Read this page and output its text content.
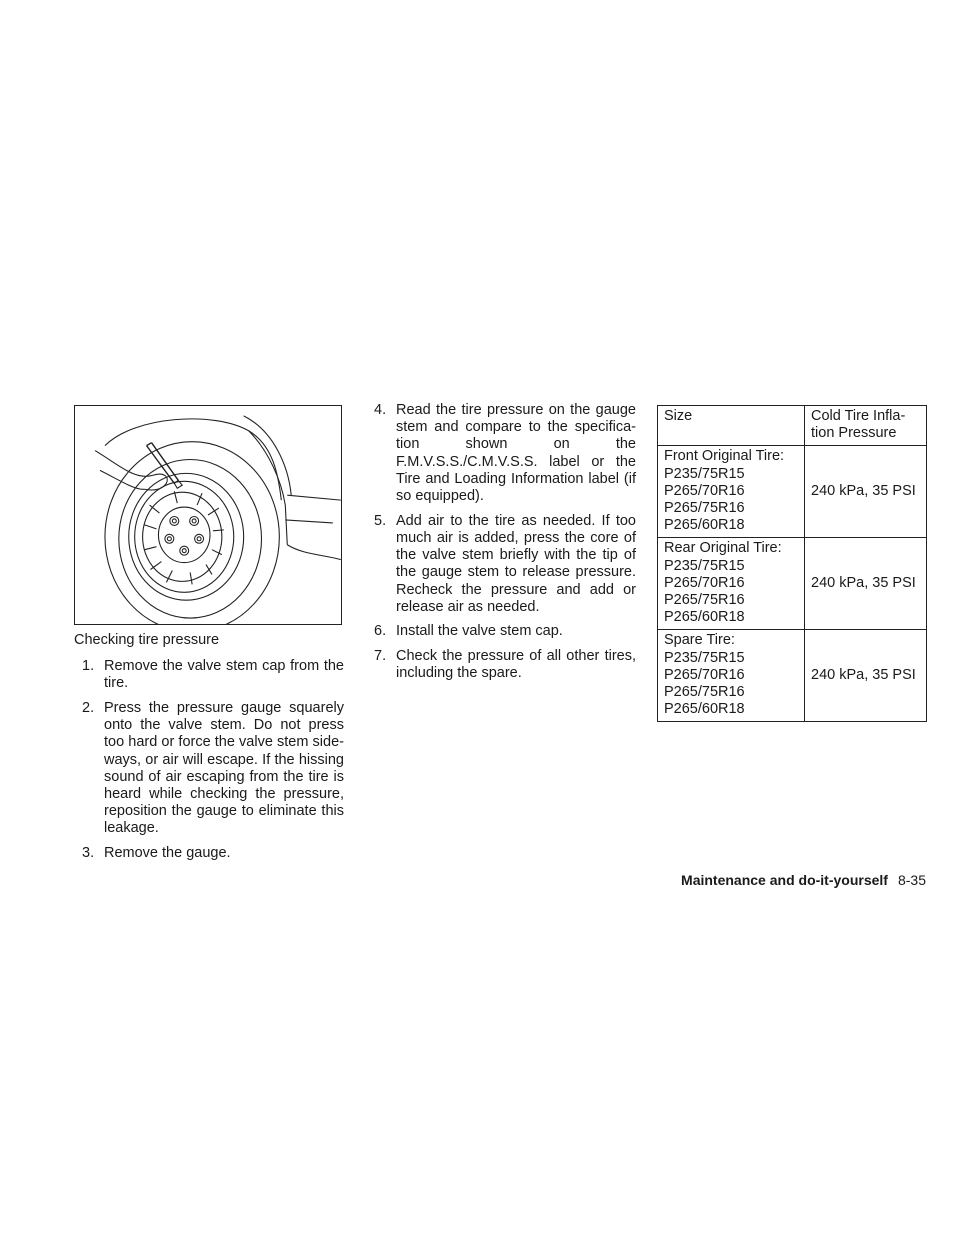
Checking tire pressure
1. Remove the valve stem cap from the tire.
2. Press the pressure gauge squarely onto the valve stem. Do not press too hard or force the valve stem sideways, or air will escape. If the hissing sound of air escaping from the tire is heard while checking the pressure, reposition the gauge to eliminate this leakage.
3. Remove the gauge.
4. Read the tire pressure on the gauge stem and compare to the specification shown on the F.M.V.S.S./C.M.V.S.S. label or the Tire and Loading Information label (if so equipped).
5. Add air to the tire as needed. If too much air is added, press the core of the valve stem briefly with the tip of the gauge stem to release pressure. Recheck the pressure and add or release air as needed.
6. Install the valve stem cap.
7. Check the pressure of all other tires, including the spare.
Size	Cold Tire Infla-
tion Pressure

Front Original Tire:
P235/75R15
P265/70R16
P265/75R16
P265/60R18	240 kPa, 35 PSI

Rear Original Tire:
P235/75R15
P265/70R16
P265/75R16
P265/60R18	240 kPa, 35 PSI

Spare Tire:
P235/75R15
P265/70R16
P265/75R16
P265/60R18	240 kPa, 35 PSI
Maintenance and do-it-yourself 8-35
